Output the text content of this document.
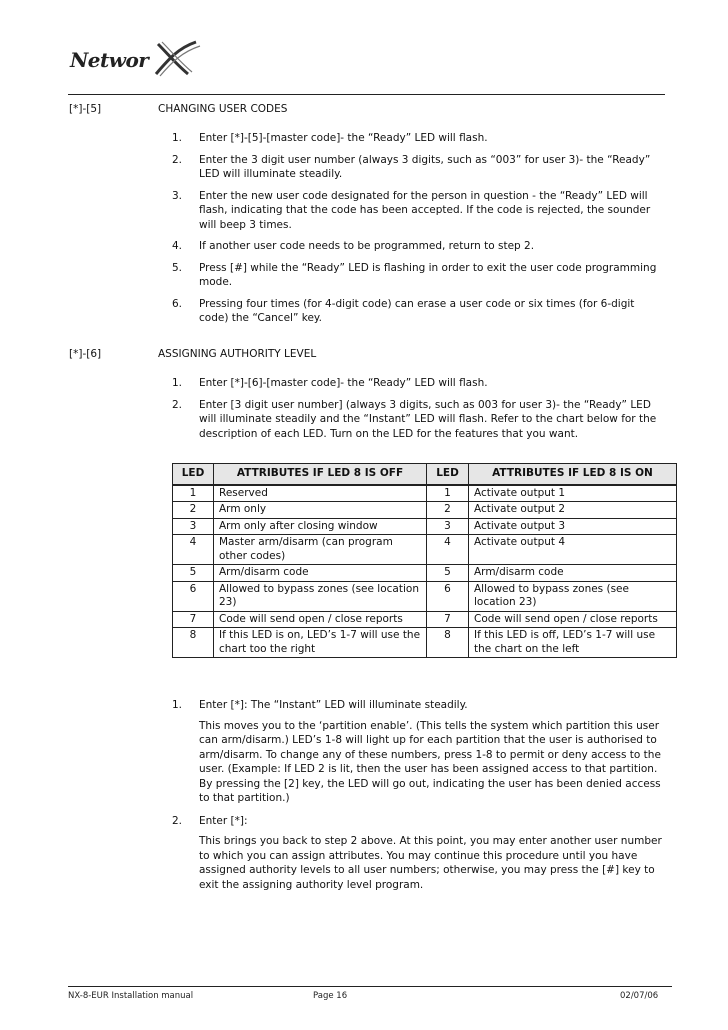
Networ
[*]-[5]	CHANGING USER CODES
1. Enter [*]-[5]-[master code]- the “Ready” LED will flash.

2. Enter the 3 digit user number (always 3 digits, such as “003” for user 3)- the “Ready” LED will illuminate steadily.

3. Enter the new user code designated for the person in question - the “Ready” LED will flash, indicating that the code has been accepted. If the code is rejected, the sounder will beep 3 times.

4. If another user code needs to be programmed, return to step 2.

5. Press [#] while the “Ready” LED is flashing in order to exit the user code programming mode.

6. Pressing four times (for 4-digit code) can erase a user code or six times (for 6-digit code) the “Cancel” key.

[*]-[6]	ASSIGNING AUTHORITY LEVEL
1. Enter [*]-[6]-[master code]- the “Ready” LED will flash.

2. Enter [3 digit user number] (always 3 digits, such as 003 for user 3)- the “Ready” LED will illuminate steadily and the “Instant” LED will flash. Refer to the chart below for the description of each LED. Turn on the LED for the features that you want.

LED	ATTRIBUTES IF LED 8 IS OFF	LED	ATTRIBUTES IF LED 8 IS ON
1	Reserved	1	Activate output 1
2	Arm only	2	Activate output 2
3	Arm only after closing window	3	Activate output 3
4	Master arm/disarm (can program other codes)	4	Activate output 4
5	Arm/disarm code	5	Arm/disarm code
6	Allowed to bypass zones (see location 23)	6	Allowed to bypass zones (see location 23)
7	Code will send open / close reports	7	Code will send open / close reports
8	If this LED is on, LED’s 1-7 will use the chart too the right	8	If this LED is off, LED’s 1-7 will use the chart on the left
1. Enter [*]: The “Instant” LED will illuminate steadily.

This moves you to the ‘partition enable’. (This tells the system which partition this user can arm/disarm.) LED’s 1-8 will light up for each partition that the user is authorised to arm/disarm. To change any of these numbers, press 1-8 to permit or deny access to the user. (Example: If LED 2 is lit, then the user has been assigned access to that partition. By pressing the [2] key, the LED will go out, indicating the user has been denied access to that partition.)

2. Enter [*]:

This brings you back to step 2 above. At this point, you may enter another user number to which you can assign attributes. You may continue this procedure until you have assigned authority levels to all user numbers; otherwise, you may press the [#] key to exit the assigning authority level program.

NX-8-EUR Installation manual	Page 16	02/07/06
